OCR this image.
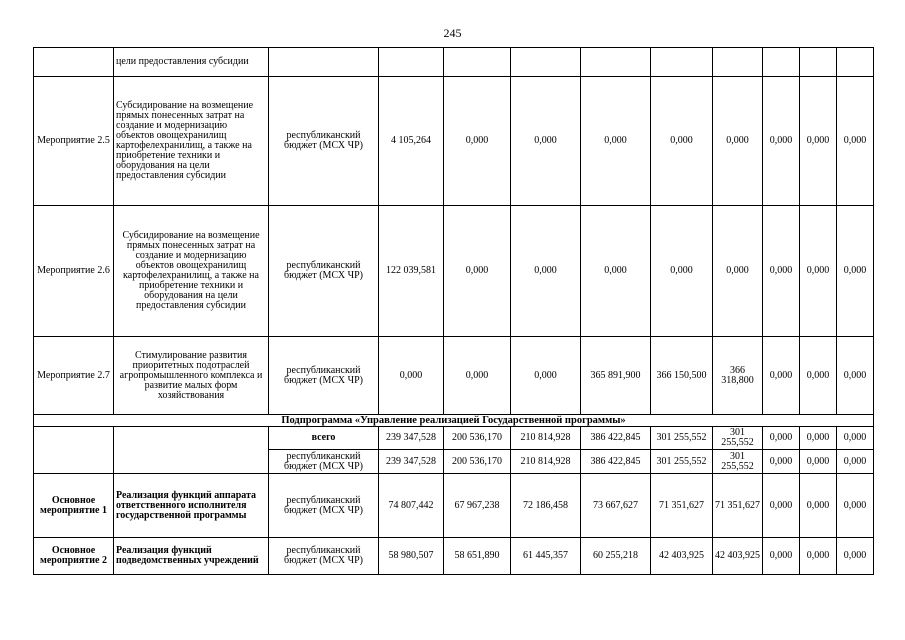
245
	цели предоставления субсидии										
Мероприятие 2.5	Субсидирование на возмещение прямых понесенных затрат на создание и модернизацию объектов овощехранилищ картофелехранилищ, а также на приобретение техники и оборудования на цели предоставления субсидии	республиканский бюджет (МСХ ЧР)	4 105,264	0,000	0,000	0,000	0,000	0,000	0,000	0,000	0,000
Мероприятие 2.6	Субсидирование на возмещение прямых понесенных затрат на создание и модернизацию объектов овощехранилищ картофелехранилищ, а также на приобретение техники и оборудования на цели предоставления субсидии	республиканский бюджет (МСХ ЧР)	122 039,581	0,000	0,000	0,000	0,000	0,000	0,000	0,000	0,000
Мероприятие 2.7	Стимулирование развития приоритетных подотраслей агропромышленного комплекса и развитие малых форм хозяйствования	республиканский бюджет (МСХ ЧР)	0,000	0,000	0,000	365 891,900	366 150,500	366 318,800	0,000	0,000	0,000
Подпрограмма «Управление реализацией Государственной программы»											
		всего	239 347,528	200 536,170	210 814,928	386 422,845	301 255,552	301 255,552	0,000	0,000	0,000
		республиканский бюджет (МСХ ЧР)	239 347,528	200 536,170	210 814,928	386 422,845	301 255,552	301 255,552	0,000	0,000	0,000
Основное мероприятие 1	Реализация функций аппарата ответственного исполнителя государственной программы	республиканский бюджет (МСХ ЧР)	74 807,442	67 967,238	72 186,458	73 667,627	71 351,627	71 351,627	0,000	0,000	0,000
Основное мероприятие 2	Реализация функций подведомственных учреждений	республиканский бюджет (МСХ ЧР)	58 980,507	58 651,890	61 445,357	60 255,218	42 403,925	42 403,925	0,000	0,000	0,000
